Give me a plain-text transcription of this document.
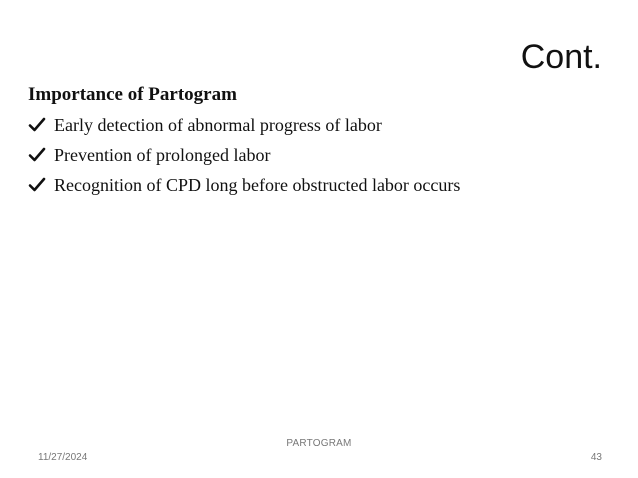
Cont.
Importance of Partogram
Early detection of abnormal progress of labor
Prevention of prolonged labor
Recognition of CPD long before obstructed labor occurs
PARTOGRAM
11/27/2024	43
